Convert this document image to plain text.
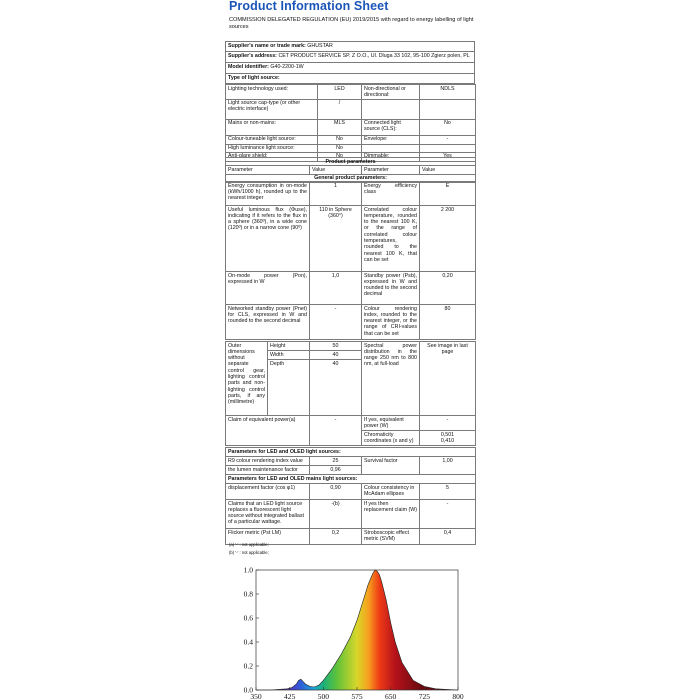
Product Information Sheet
COMMISSION DELEGATED REGULATION (EU) 2019/2015 with regard to energy labelling of light sources
Supplier's name or trade mark: GHUSTAR
Supplier's address: CET PRODUCT SERVICE SP. Z O.O., Ul. Dluga 33 102, 95-100 Zgierz polen, PL
Model identifier: G40-2200-1W
Type of light source:
Lighting technology used:	LED	Non-directional or directional:	NDLS
Light source cap-type (or other electric interface)	/		
Mains or non-mains:	MLS	Connected light source (CLS):	No
Colour-tuneable light source:	No	Envelope:	-
High luminance light source:	No		
Anti-glare shield:	No	Dimmable:	Yes
Product parameters
Parameter	Value	Parameter	Value
General product parameters:
Energy consumption in on-mode (kWh/1000 h), rounded up to the nearest integer	1	Energy efficiency class	E
Useful luminous flux (Φuse), indicating if it refers to the flux in a sphere (360º), in a wide cone (120º) or in a narrow cone (90º)	110 in Sphere (360°)	Correlated colour temperature, rounded to the nearest 100 K, or the range of correlated colour temperatures, rounded to the nearest 100 K, that can be set	2 200
On-mode power (Pon), expressed in W	1,0	Standby power (Psb), expressed in W and rounded to the second decimal	0,20
Networked standby power (Pnet) for CLS, expressed in W and rounded to the second decimal	-	Colour rendering index, rounded to the nearest integer, or the range of CRI-values that can be set	80
Outer dimensions without separate control gear, lighting control parts and non-lighting control parts, if any (millimetre)	Height	50	Spectral power distribution in the range 250 nm to 800 nm, at full-load	See image in last page
	Width	40		
	Depth	40		
Claim of equivalent power(a)	-	If yes, equivalent power (W)	-
		Chromaticity coordinates (x and y)	0,501
0,410
Parameters for LED and OLED light sources:			
R9 colour rendering index value	25	Survival factor	1,00
the lumen maintenance factor	0,96		
Parameters for LED and OLED mains light sources:			
displacement factor (cos φ1)	0,90	Colour consistency in McAdam ellipses	5
Claims that an LED light source replaces a fluorescent light source without integrated ballast of a particular wattage.	-(b)	If yes then replacement claim (W)	-
Flicker metric (Pst LM)	0,2	Stroboscopic effect metric (SVM)	0,4
(a) '-' : not applicable;
(b) '-' : not applicable;
0.0
0.2
0.4
0.6
0.8
1.0
350	425	500	575	650	725	800
